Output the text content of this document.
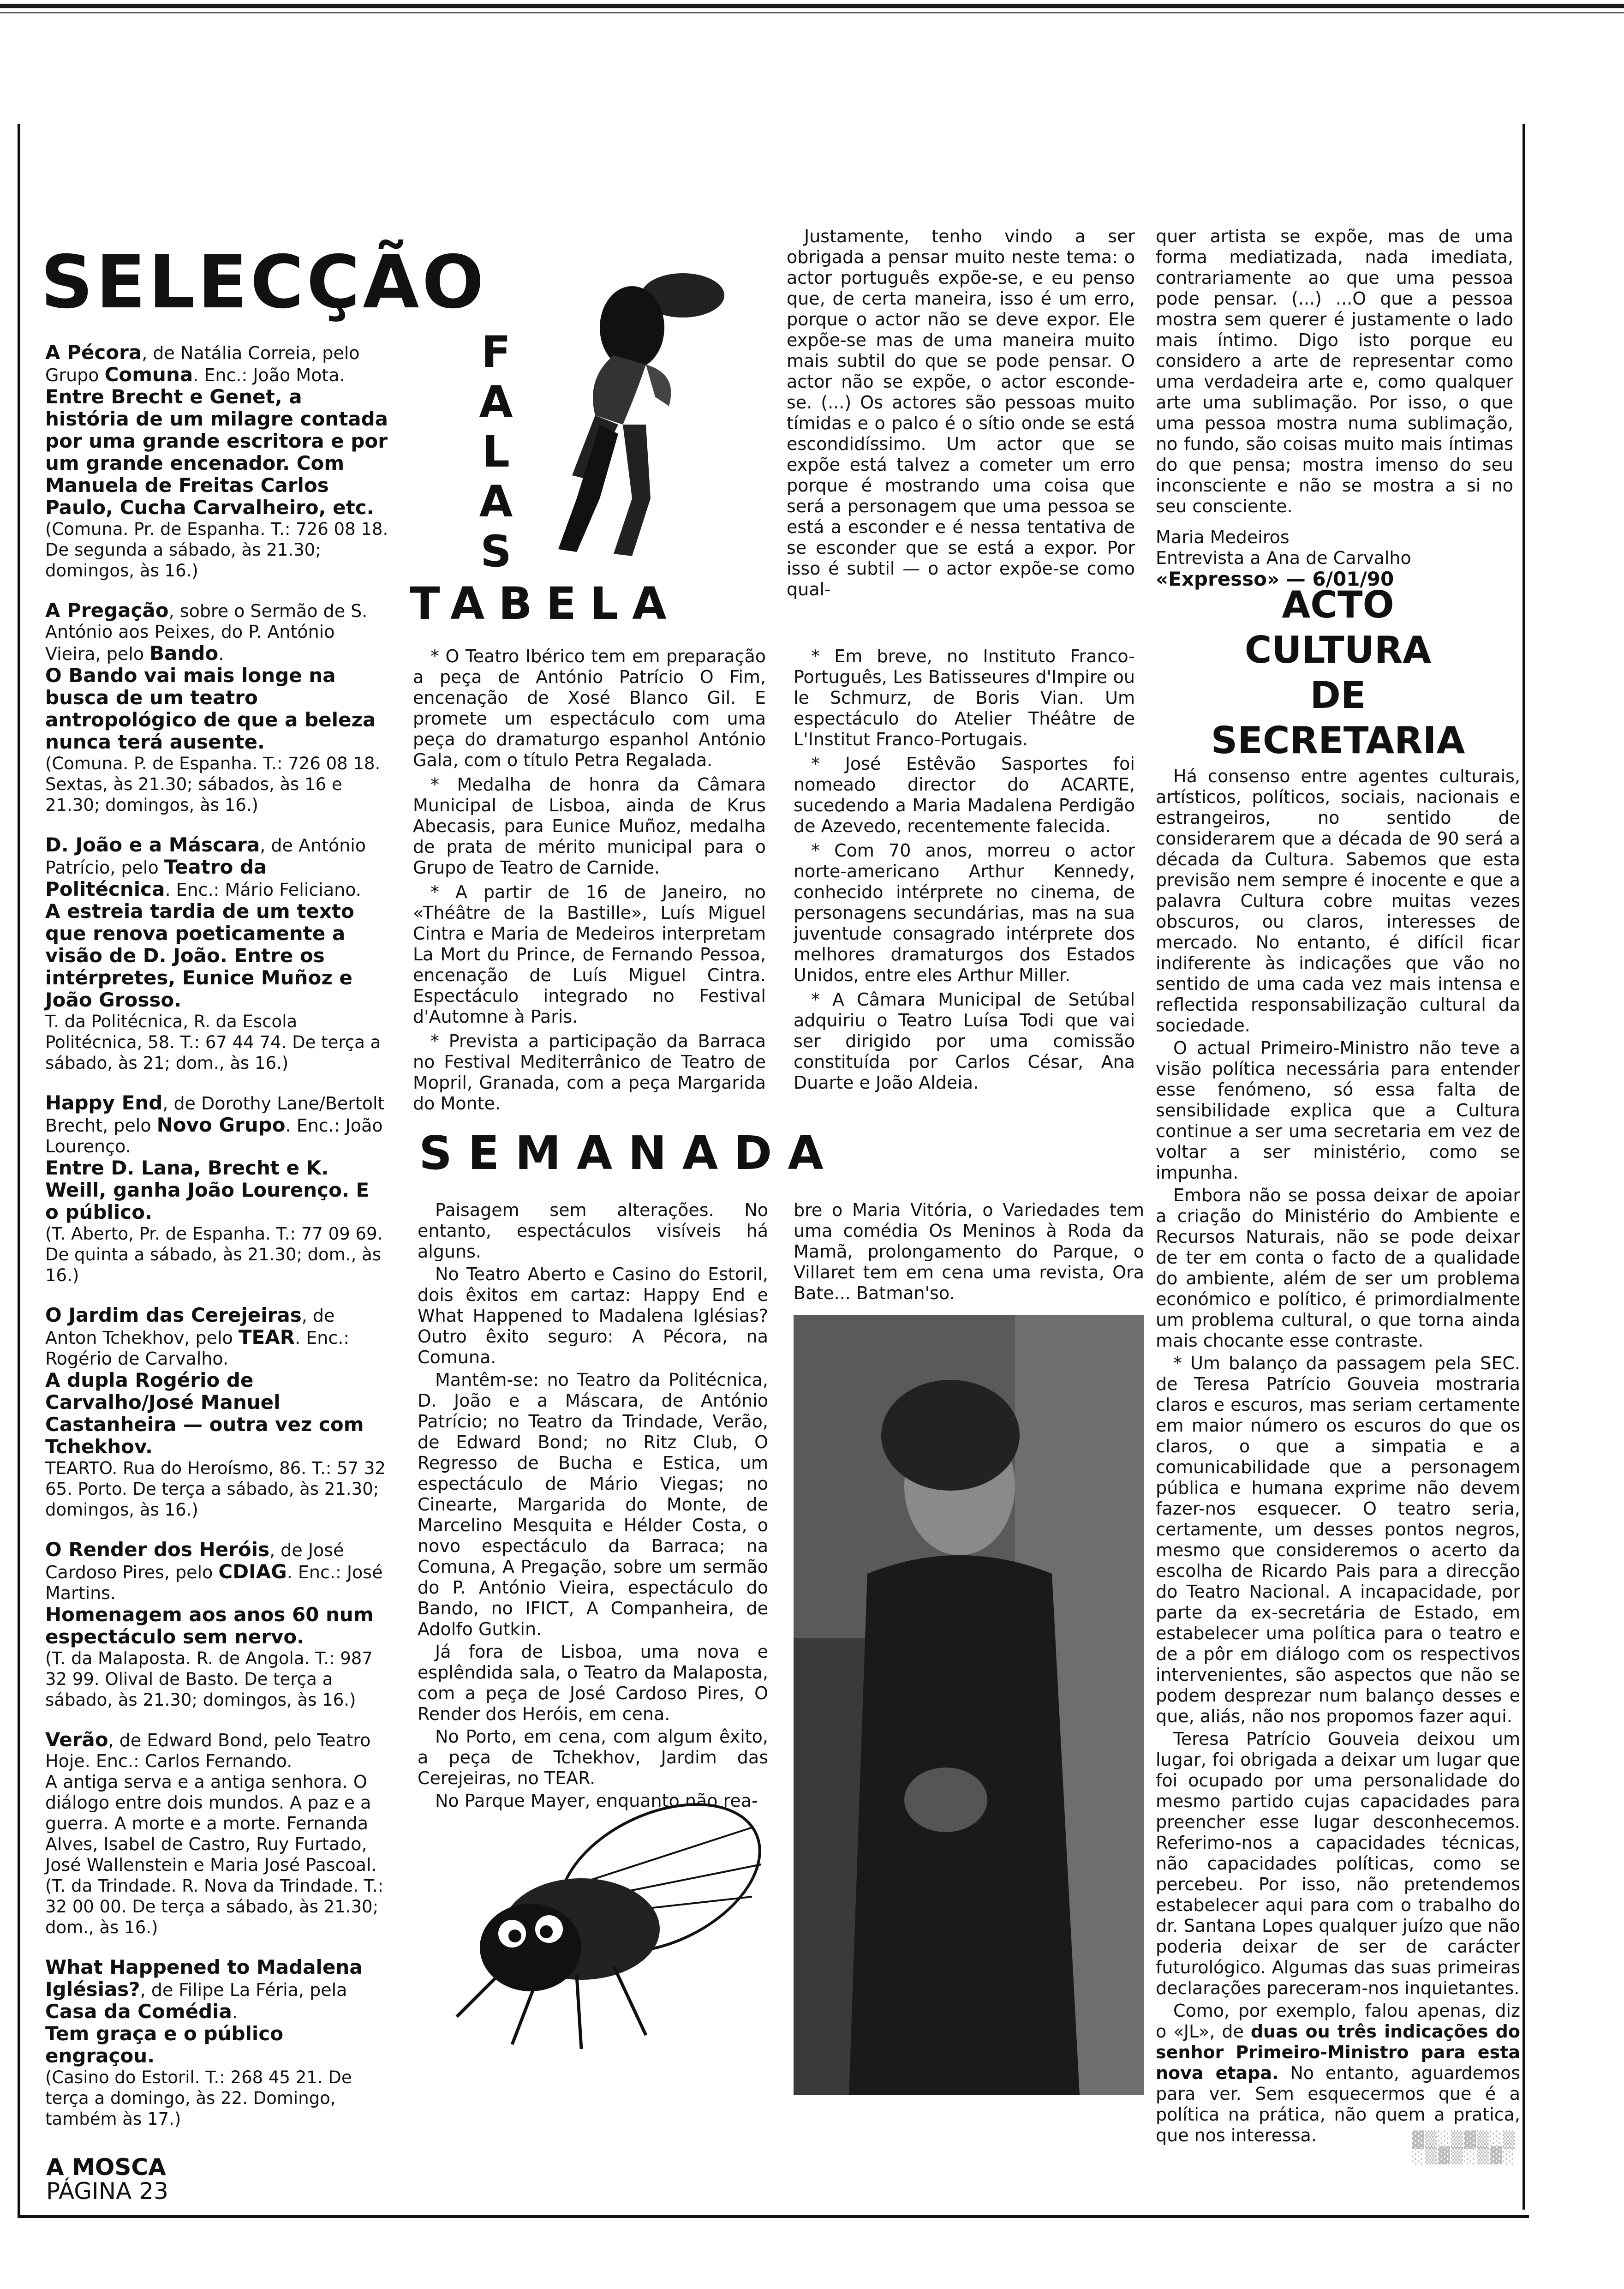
SELECÇÃO

A Pécora, de Natália Correia, pelo Grupo Comuna. Enc.: João Mota.
Entre Brecht e Genet, a história de um milagre contada por uma grande escritora e por um grande encenador. Com Manuela de Freitas Carlos Paulo, Cucha Carvalheiro, etc.
(Comuna. Pr. de Espanha. T.: 726 08 18. De segunda a sábado, às 21.30; domingos, às 16.)

A Pregação, sobre o Sermão de S. António aos Peixes, do P. António Vieira, pelo Bando.
O Bando vai mais longe na busca de um teatro antropológico de que a beleza nunca terá ausente.
(Comuna. P. de Espanha. T.: 726 08 18. Sextas, às 21.30; sábados, às 16 e 21.30; domingos, às 16.)

D. João e a Máscara, de António Patrício, pelo Teatro da Politécnica. Enc.: Mário Feliciano.
A estreia tardia de um texto que renova poeticamente a visão de D. João. Entre os intérpretes, Eunice Muñoz e João Grosso.
T. da Politécnica, R. da Escola Politécnica, 58. T.: 67 44 74. De terça a sábado, às 21; dom., às 16.)

Happy End, de Dorothy Lane/Bertolt Brecht, pelo Novo Grupo. Enc.: João Lourenço.
Entre D. Lana, Brecht e K. Weill, ganha João Lourenço. E o público.
(T. Aberto, Pr. de Espanha. T.: 77 09 69. De quinta a sábado, às 21.30; dom., às 16.)

O Jardim das Cerejeiras, de Anton Tchekhov, pelo TEAR. Enc.: Rogério de Carvalho.
A dupla Rogério de Carvalho/José Manuel Castanheira — outra vez com Tchekhov.
TEARTO. Rua do Heroísmo, 86. T.: 57 32 65. Porto. De terça a sábado, às 21.30; domingos, às 16.)

O Render dos Heróis, de José Cardoso Pires, pelo CDIAG. Enc.: José Martins.
Homenagem aos anos 60 num espectáculo sem nervo.
(T. da Malaposta. R. de Angola. T.: 987 32 99. Olival de Basto. De terça a sábado, às 21.30; domingos, às 16.)

Verão, de Edward Bond, pelo Teatro Hoje. Enc.: Carlos Fernando.
A antiga serva e a antiga senhora. O diálogo entre dois mundos. A paz e a guerra. A morte e a morte. Fernanda Alves, Isabel de Castro, Ruy Furtado, José Wallenstein e Maria José Pascoal.
(T. da Trindade. R. Nova da Trindade. T.: 32 00 00. De terça a sábado, às 21.30; dom., às 16.)

What Happened to Madalena Iglésias?, de Filipe La Féria, pela Casa da Comédia.
Tem graça e o público engraçou.
(Casino do Estoril. T.: 268 45 21. De terça a domingo, às 22. Domingo, também às 17.)

F
A
L
A
S

Justamente, tenho vindo a ser obrigada a pensar muito neste tema: o actor português expõe-se, e eu penso que, de certa maneira, isso é um erro, porque o actor não se deve expor. Ele expõe-se mas de uma maneira muito mais subtil do que se pode pensar. O actor não se expõe, o actor esconde-se. (...) Os actores são pessoas muito tímidas e o palco é o sítio onde se está escondidíssimo. Um actor que se expõe está talvez a cometer um erro porque é mostrando uma coisa que será a personagem que uma pessoa se está a esconder e é nessa tentativa de se esconder que se está a expor. Por isso é subtil — o actor expõe-se como qual-

quer artista se expõe, mas de uma forma mediatizada, nada imediata, contrariamente ao que uma pessoa pode pensar. (...) ...O que a pessoa mostra sem querer é justamente o lado mais íntimo. Digo isto porque eu considero a arte de representar como uma verdadeira arte e, como qualquer arte uma sublimação. Por isso, o que uma pessoa mostra numa sublimação, no fundo, são coisas muito mais íntimas do que pensa; mostra imenso do seu inconsciente e não se mostra a si no seu consciente.

Maria Medeiros

Entrevista a Ana de Carvalho

«Expresso» — 6/01/90

TABELA

* O Teatro Ibérico tem em preparação a peça de António Patrício O Fim, encenação de Xosé Blanco Gil. E promete um espectáculo com uma peça do dramaturgo espanhol António Gala, com o título Petra Regalada.

* Medalha de honra da Câmara Municipal de Lisboa, ainda de Krus Abecasis, para Eunice Muñoz, medalha de prata de mérito municipal para o Grupo de Teatro de Carnide.

* A partir de 16 de Janeiro, no «Théâtre de la Bastille», Luís Miguel Cintra e Maria de Medeiros interpretam La Mort du Prince, de Fernando Pessoa, encenação de Luís Miguel Cintra. Espectáculo integrado no Festival d'Automne à Paris.

* Prevista a participação da Barraca no Festival Mediterrânico de Teatro de Mopril, Granada, com a peça Margarida do Monte.

* Em breve, no Instituto Franco-Português, Les Batisseures d'Impire ou le Schmurz, de Boris Vian. Um espectáculo do Atelier Théâtre de L'Institut Franco-Portugais.

* José Estêvão Sasportes foi nomeado director do ACARTE, sucedendo a Maria Madalena Perdigão de Azevedo, recentemente falecida.

* Com 70 anos, morreu o actor norte-americano Arthur Kennedy, conhecido intérprete no cinema, de personagens secundárias, mas na sua juventude consagrado intérprete dos melhores dramaturgos dos Estados Unidos, entre eles Arthur Miller.

* A Câmara Municipal de Setúbal adquiriu o Teatro Luísa Todi que vai ser dirigido por uma comissão constituída por Carlos César, Ana Duarte e João Aldeia.

SEMANADA

Paisagem sem alterações. No entanto, espectáculos visíveis há alguns.

No Teatro Aberto e Casino do Estoril, dois êxitos em cartaz: Happy End e What Happened to Madalena Iglésias? Outro êxito seguro: A Pécora, na Comuna.

Mantêm-se: no Teatro da Politécnica, D. João e a Máscara, de António Patrício; no Teatro da Trindade, Verão, de Edward Bond; no Ritz Club, O Regresso de Bucha e Estica, um espectáculo de Mário Viegas; no Cinearte, Margarida do Monte, de Marcelino Mesquita e Hélder Costa, o novo espectáculo da Barraca; na Comuna, A Pregação, sobre um sermão do P. António Vieira, espectáculo do Bando, no IFICT, A Companheira, de Adolfo Gutkin.

Já fora de Lisboa, uma nova e esplêndida sala, o Teatro da Malaposta, com a peça de José Cardoso Pires, O Render dos Heróis, em cena.

No Porto, em cena, com algum êxito, a peça de Tchekhov, Jardim das Cerejeiras, no TEAR.

No Parque Mayer, enquanto não rea-

bre o Maria Vitória, o Variedades tem uma comédia Os Meninos à Roda da Mamã, prolongamento do Parque, o Villaret tem em cena uma revista, Ora Bate... Batman'so.

ACTO
CULTURA
DE
SECRETARIA

Há consenso entre agentes culturais, artísticos, políticos, sociais, nacionais e estrangeiros, no sentido de considerarem que a década de 90 será a década da Cultura. Sabemos que esta previsão nem sempre é inocente e que a palavra Cultura cobre muitas vezes obscuros, ou claros, interesses de mercado. No entanto, é difícil ficar indiferente às indicações que vão no sentido de uma cada vez mais intensa e reflectida responsabilização cultural da sociedade.

O actual Primeiro-Ministro não teve a visão política necessária para entender esse fenómeno, só essa falta de sensibilidade explica que a Cultura continue a ser uma secretaria em vez de voltar a ser ministério, como se impunha.

Embora não se possa deixar de apoiar a criação do Ministério do Ambiente e Recursos Naturais, não se pode deixar de ter em conta o facto de a qualidade do ambiente, além de ser um problema económico e político, é primordialmente um problema cultural, o que torna ainda mais chocante esse contraste.

* Um balanço da passagem pela SEC. de Teresa Patrício Gouveia mostraria claros e escuros, mas seriam certamente em maior número os escuros do que os claros, o que a simpatia e a comunicabilidade que a personagem pública e humana exprime não devem fazer-nos esquecer. O teatro seria, certamente, um desses pontos negros, mesmo que consideremos o acerto da escolha de Ricardo Pais para a direcção do Teatro Nacional. A incapacidade, por parte da ex-secretária de Estado, em estabelecer uma política para o teatro e de a pôr em diálogo com os respectivos intervenientes, são aspectos que não se podem desprezar num balanço desses e que, aliás, não nos propomos fazer aqui.

Teresa Patrício Gouveia deixou um lugar, foi obrigada a deixar um lugar que foi ocupado por uma personalidade do mesmo partido cujas capacidades para preencher esse lugar desconhecemos. Referimo-nos a capacidades técnicas, não capacidades políticas, como se percebeu. Por isso, não pretendemos estabelecer aqui para com o trabalho do dr. Santana Lopes qualquer juízo que não poderia deixar de ser de carácter futurológico. Algumas das suas primeiras declarações pareceram-nos inquietantes.

Como, por exemplo, falou apenas, diz o «JL», de duas ou três indicações do senhor Primeiro-Ministro para esta nova etapa. No entanto, aguardemos para ver. Sem esquecermos que é a política na prática, não quem a pratica, que nos interessa.

A MOSCA
PÁGINA 23
▓▒░▒▓▒░▒
░▒▓▒░▒▓░
